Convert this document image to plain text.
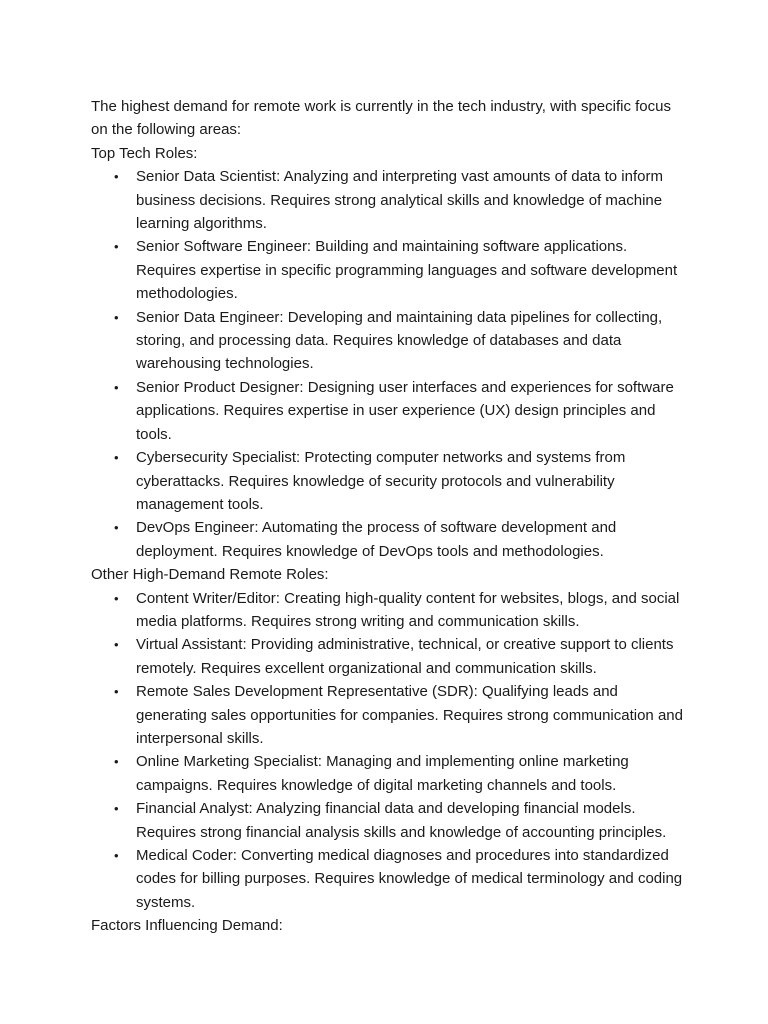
The highest demand for remote work is currently in the tech industry, with specific focus on the following areas:

Top Tech Roles:

• Senior Data Scientist: Analyzing and interpreting vast amounts of data to inform business decisions. Requires strong analytical skills and knowledge of machine learning algorithms.
• Senior Software Engineer: Building and maintaining software applications. Requires expertise in specific programming languages and software development methodologies.
• Senior Data Engineer: Developing and maintaining data pipelines for collecting, storing, and processing data. Requires knowledge of databases and data warehousing technologies.
• Senior Product Designer: Designing user interfaces and experiences for software applications. Requires expertise in user experience (UX) design principles and tools.
• Cybersecurity Specialist: Protecting computer networks and systems from cyberattacks. Requires knowledge of security protocols and vulnerability management tools.
• DevOps Engineer: Automating the process of software development and deployment. Requires knowledge of DevOps tools and methodologies.

Other High-Demand Remote Roles:

• Content Writer/Editor: Creating high-quality content for websites, blogs, and social media platforms. Requires strong writing and communication skills.
• Virtual Assistant: Providing administrative, technical, or creative support to clients remotely. Requires excellent organizational and communication skills.
• Remote Sales Development Representative (SDR): Qualifying leads and generating sales opportunities for companies. Requires strong communication and interpersonal skills.
• Online Marketing Specialist: Managing and implementing online marketing campaigns. Requires knowledge of digital marketing channels and tools.
• Financial Analyst: Analyzing financial data and developing financial models. Requires strong financial analysis skills and knowledge of accounting principles.
• Medical Coder: Converting medical diagnoses and procedures into standardized codes for billing purposes. Requires knowledge of medical terminology and coding systems.

Factors Influencing Demand:
